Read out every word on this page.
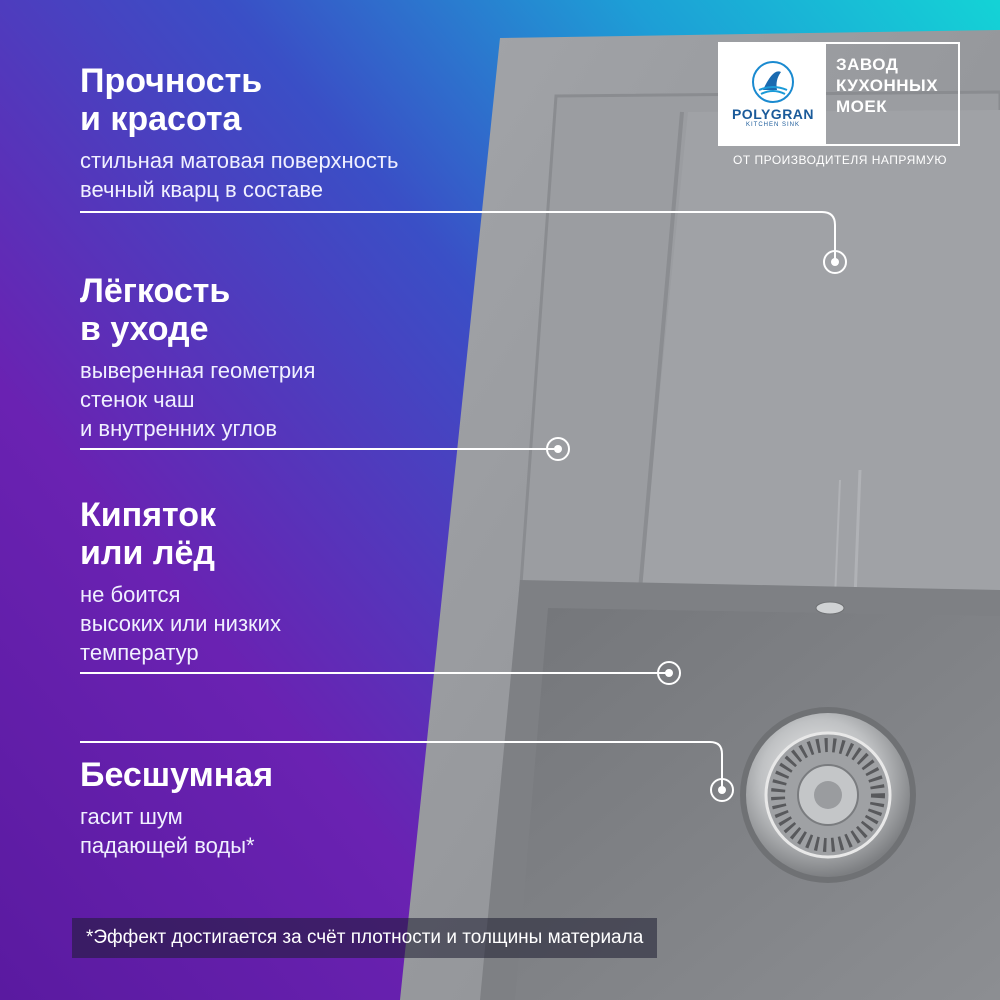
Прочность
и красота
стильная матовая поверхность
вечный кварц в составе
Лёгкость
в уходе
выверенная геометрия
стенок чаш
и внутренних углов
Кипяток
или лёд
не боится
высоких или низких
температур
Бесшумная
гасит шум
падающей воды*
POLYGRAN
KITCHEN SINK
ЗАВОД
КУХОННЫХ
МОЕК
ОТ ПРОИЗВОДИТЕЛЯ НАПРЯМУЮ
*Эффект достигается за счёт плотности и толщины материала
